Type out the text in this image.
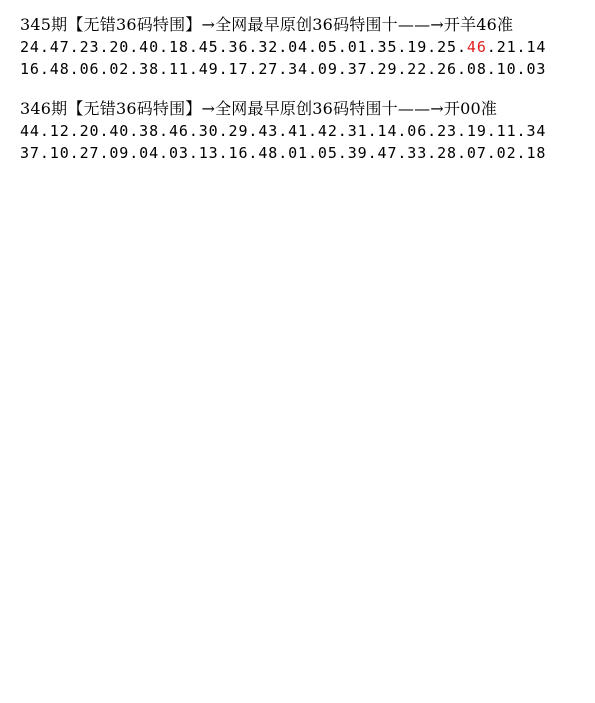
345期【无错36码特围】→全网最早原创36码特围十——→开羊46准
24.47.23.20.40.18.45.36.32.04.05.01.35.19.25.46.21.14
16.48.06.02.38.11.49.17.27.34.09.37.29.22.26.08.10.03
346期【无错36码特围】→全网最早原创36码特围十——→开00准
44.12.20.40.38.46.30.29.43.41.42.31.14.06.23.19.11.34
37.10.27.09.04.03.13.16.48.01.05.39.47.33.28.07.02.18
